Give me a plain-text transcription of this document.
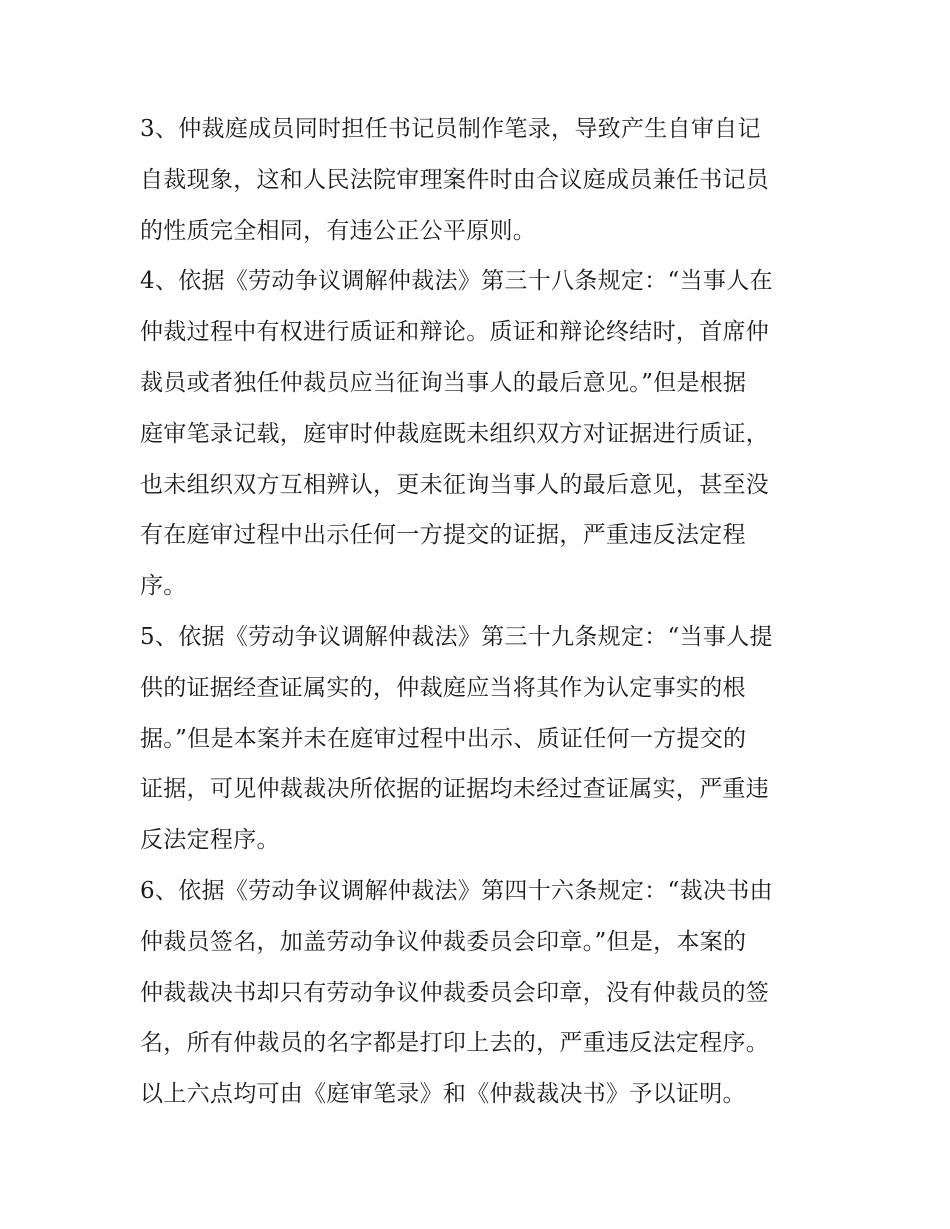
3、仲裁庭成员同时担任书记员制作笔录，导致产生自审自记
自裁现象，这和人民法院审理案件时由合议庭成员兼任书记员
的性质完全相同，有违公正公平原则。
4、依据《劳动争议调解仲裁法》第三十八条规定：“当事人在
仲裁过程中有权进行质证和辩论。质证和辩论终结时，首席仲
裁员或者独任仲裁员应当征询当事人的最后意见。”但是根据
庭审笔录记载，庭审时仲裁庭既未组织双方对证据进行质证，
也未组织双方互相辨认，更未征询当事人的最后意见，甚至没
有在庭审过程中出示任何一方提交的证据，严重违反法定程
序。
5、依据《劳动争议调解仲裁法》第三十九条规定：“当事人提
供的证据经查证属实的，仲裁庭应当将其作为认定事实的根
据。”但是本案并未在庭审过程中出示、质证任何一方提交的
证据，可见仲裁裁决所依据的证据均未经过查证属实，严重违
反法定程序。
6、依据《劳动争议调解仲裁法》第四十六条规定：“裁决书由
仲裁员签名，加盖劳动争议仲裁委员会印章。”但是，本案的
仲裁裁决书却只有劳动争议仲裁委员会印章，没有仲裁员的签
名，所有仲裁员的名字都是打印上去的，严重违反法定程序。
以上六点均可由《庭审笔录》和《仲裁裁决书》予以证明。
